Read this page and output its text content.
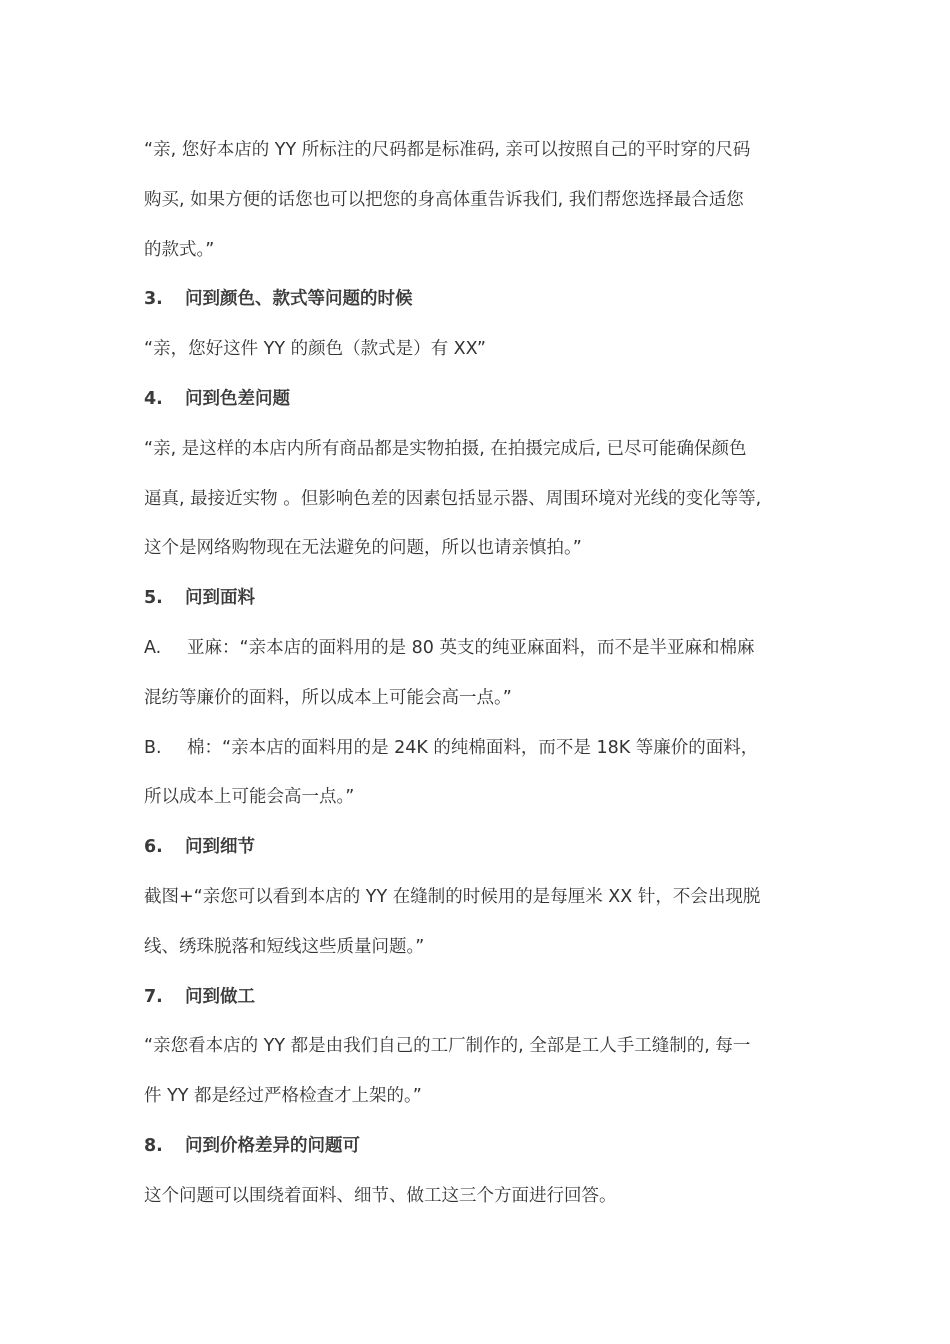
“亲, 您好本店的 YY 所标注的尺码都是标准码, 亲可以按照自己的平时穿的尺码
购买, 如果方便的话您也可以把您的身高体重告诉我们, 我们帮您选择最合适您
的款式。”
3. 问到颜色、款式等问题的时候
“亲，您好这件 YY 的颜色（款式是）有 XX”
4. 问到色差问题
“亲, 是这样的本店内所有商品都是实物拍摄, 在拍摄完成后, 已尽可能确保颜色
逼真, 最接近实物 。但影响色差的因素包括显示器、周围环境对光线的变化等等,
这个是网络购物现在无法避免的问题，所以也请亲慎拍。”
5. 问到面料
A. 亚麻：“亲本店的面料用的是 80 英支的纯亚麻面料，而不是半亚麻和棉麻
混纺等廉价的面料，所以成本上可能会高一点。”
B. 棉：“亲本店的面料用的是 24K 的纯棉面料，而不是 18K 等廉价的面料，
所以成本上可能会高一点。”
6. 问到细节
截图+“亲您可以看到本店的 YY 在缝制的时候用的是每厘米 XX 针，不会出现脱
线、绣珠脱落和短线这些质量问题。”
7. 问到做工
“亲您看本店的 YY 都是由我们自己的工厂制作的, 全部是工人手工缝制的, 每一
件 YY 都是经过严格检查才上架的。”
8. 问到价格差异的问题可
这个问题可以围绕着面料、细节、做工这三个方面进行回答。
